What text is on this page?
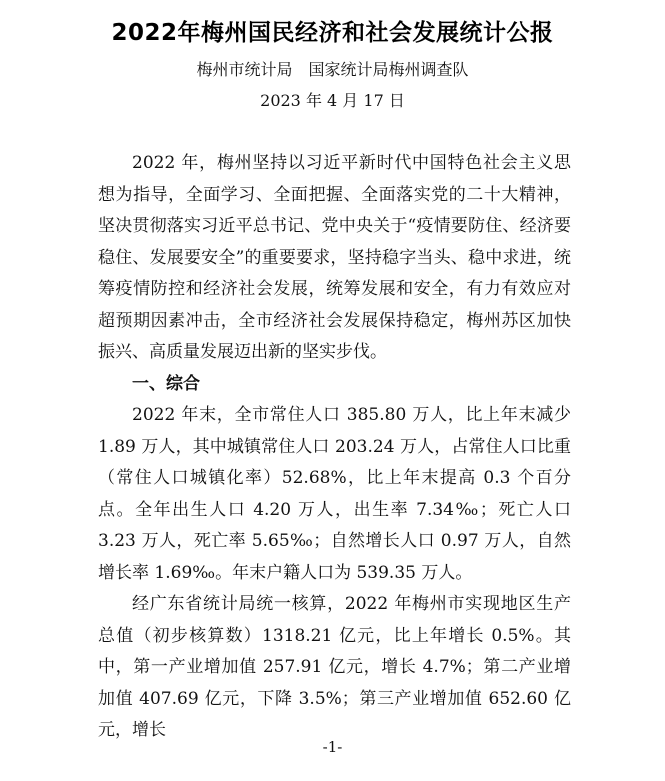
2022年梅州国民经济和社会发展统计公报
梅州市统计局　国家统计局梅州调查队
2023 年 4 月 17 日

2022 年，梅州坚持以习近平新时代中国特色社会主义思想为指导，全面学习、全面把握、全面落实党的二十大精神，坚决贯彻落实习近平总书记、党中央关于“疫情要防住、经济要稳住、发展要安全”的重要要求，坚持稳字当头、稳中求进，统筹疫情防控和经济社会发展，统筹发展和安全，有力有效应对超预期因素冲击，全市经济社会发展保持稳定，梅州苏区加快振兴、高质量发展迈出新的坚实步伐。

一、综合

2022 年末，全市常住人口 385.80 万人，比上年末减少 1.89 万人，其中城镇常住人口 203.24 万人，占常住人口比重（常住人口城镇化率）52.68%，比上年末提高 0.3 个百分点。全年出生人口 4.20 万人，出生率 7.34‰；死亡人口 3.23 万人，死亡率 5.65‰；自然增长人口 0.97 万人，自然增长率 1.69‰。年末户籍人口为 539.35 万人。

经广东省统计局统一核算，2022 年梅州市实现地区生产总值（初步核算数）1318.21 亿元，比上年增长 0.5%。其中，第一产业增加值 257.91 亿元，增长 4.7%；第二产业增加值 407.69 亿元，下降 3.5%；第三产业增加值 652.60 亿元，增长

-1-
